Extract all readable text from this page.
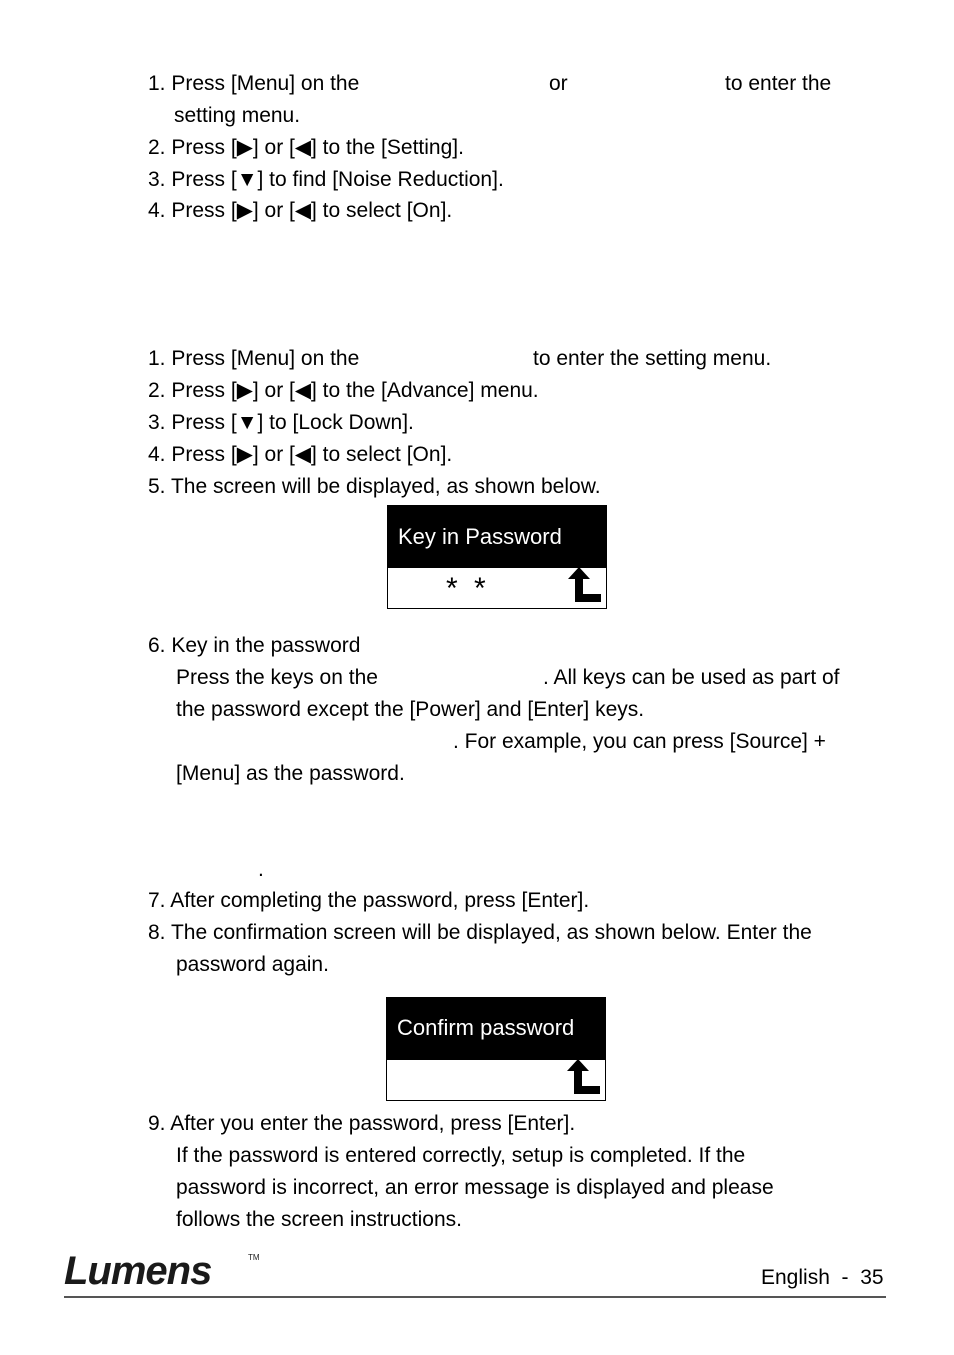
1. Press [Menu] on the	or	to enter the
setting menu.
2. Press [▶] or [◀] to the [Setting].
3. Press [▼] to find [Noise Reduction].
4. Press [▶] or [◀] to select [On].
1. Press [Menu] on the	to enter the setting menu.
2. Press [▶] or [◀] to the [Advance] menu.
3. Press [▼] to [Lock Down].
4. Press [▶] or [◀] to select [On].
5. The screen will be displayed, as shown below.
Key in Password
* *
6. Key in the password
Press the keys on the	. All keys can be used as part of
the password except the [Power] and [Enter] keys.
. For example, you can press [Source] +
[Menu] as the password.
.
7. After completing the password, press [Enter].
8. The confirmation screen will be displayed, as shown below. Enter the
password again.
Confirm password
9. After you enter the password, press [Enter].
If the password is entered correctly, setup is completed. If the
password is incorrect, an error message is displayed and please
follows the screen instructions.
Lumens	TM
English  -  35
